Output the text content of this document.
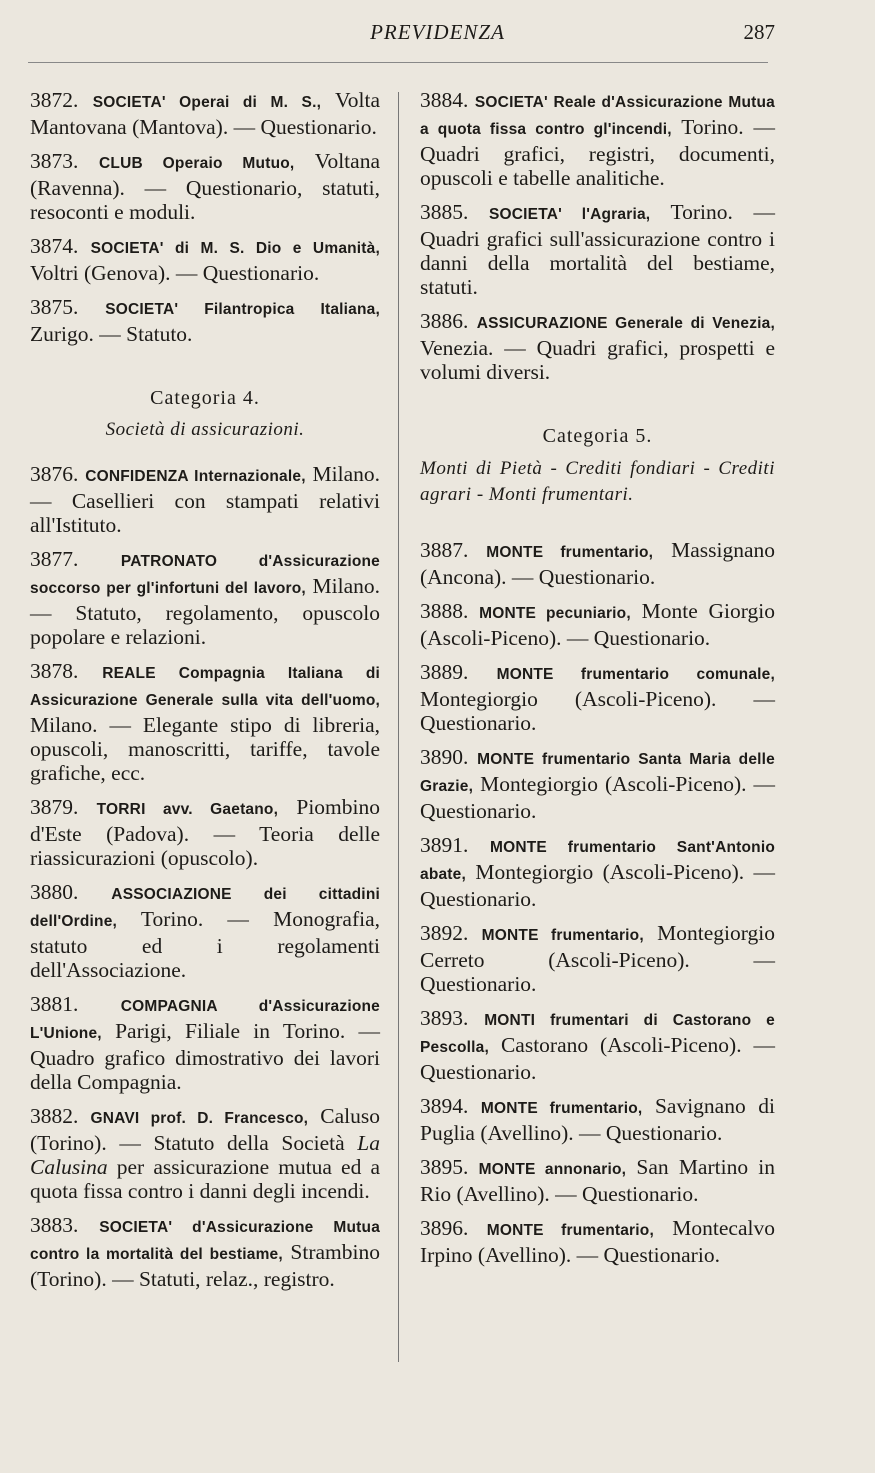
PREVIDENZA	287

3872. SOCIETA' Operai di M. S., Volta Mantovana (Mantova). — Questionario.

3873. CLUB Operaio Mutuo, Voltana (Ravenna). — Questionario, statuti, resoconti e moduli.

3874. SOCIETA' di M. S. Dio e Umanità, Voltri (Genova). — Questionario.

3875. SOCIETA' Filantropica Italiana, Zurigo. — Statuto.

Categoria 4.
Società di assicurazioni.

3876. CONFIDENZA Internazionale, Milano. — Casellieri con stampati relativi all'Istituto.

3877.	PATRONATO d'Assicurazione soccorso per gl'infortuni del lavoro, Milano. — Statuto, regolamento, opuscolo popolare e relazioni.

3878. REALE Compagnia Italiana di Assicurazione Generale sulla vita dell'uomo, Milano. — Elegante stipo di libreria, opuscoli, manoscritti, tariffe, tavole grafiche, ecc.

3879. TORRI avv. Gaetano, Piombino d'Este (Padova). — Teoria delle riassicurazioni (opuscolo).

3880. ASSOCIAZIONE dei cittadini dell'Ordine, Torino. — Monografia, statuto ed i regolamenti dell'Associazione.

3881.	COMPAGNIA d'Assicurazione L'Unione, Parigi, Filiale in Torino. — Quadro grafico dimostrativo dei lavori della Compagnia.

3882. GNAVI prof. D. Francesco, Caluso (Torino). — Statuto della Società La Calusina per assicurazione mutua ed a quota fissa contro i danni degli incendi.

3883. SOCIETA' d'Assicurazione Mutua contro la mortalità del bestiame, Strambino (Torino). — Statuti, relaz., registro.

3884. SOCIETA' Reale d'Assicurazione Mutua a quota fissa contro gl'incendi, Torino. — Quadri grafici, registri, documenti, opuscoli e tabelle analitiche.

3885. SOCIETA' l'Agraria, Torino. — Quadri grafici sull'assicurazione contro i danni della mortalità del bestiame, statuti.

3886. ASSICURAZIONE Generale di Venezia, Venezia. — Quadri grafici, prospetti e volumi diversi.

Categoria 5.
Monti di Pietà - Crediti fondiari - Crediti agrari - Monti frumentari.

3887. MONTE frumentario, Massignano (Ancona). — Questionario.

3888. MONTE pecuniario, Monte Giorgio (Ascoli-Piceno). — Questionario.

3889. MONTE frumentario comunale, Montegiorgio (Ascoli-Piceno). — Questionario.

3890. MONTE frumentario Santa Maria delle Grazie, Montegiorgio (Ascoli-Piceno). — Questionario.

3891. MONTE frumentario Sant'Antonio abate, Montegiorgio (Ascoli-Piceno). — Questionario.

3892. MONTE frumentario, Montegiorgio Cerreto (Ascoli-Piceno). — Questionario.

3893. MONTI frumentari di Castorano e Pescolla, Castorano (Ascoli-Piceno). — Questionario.

3894. MONTE frumentario, Savignano di Puglia (Avellino). — Questionario.

3895. MONTE annonario, San Martino in Rio (Avellino). — Questionario.

3896. MONTE frumentario, Montecalvo Irpino (Avellino). — Questionario.
